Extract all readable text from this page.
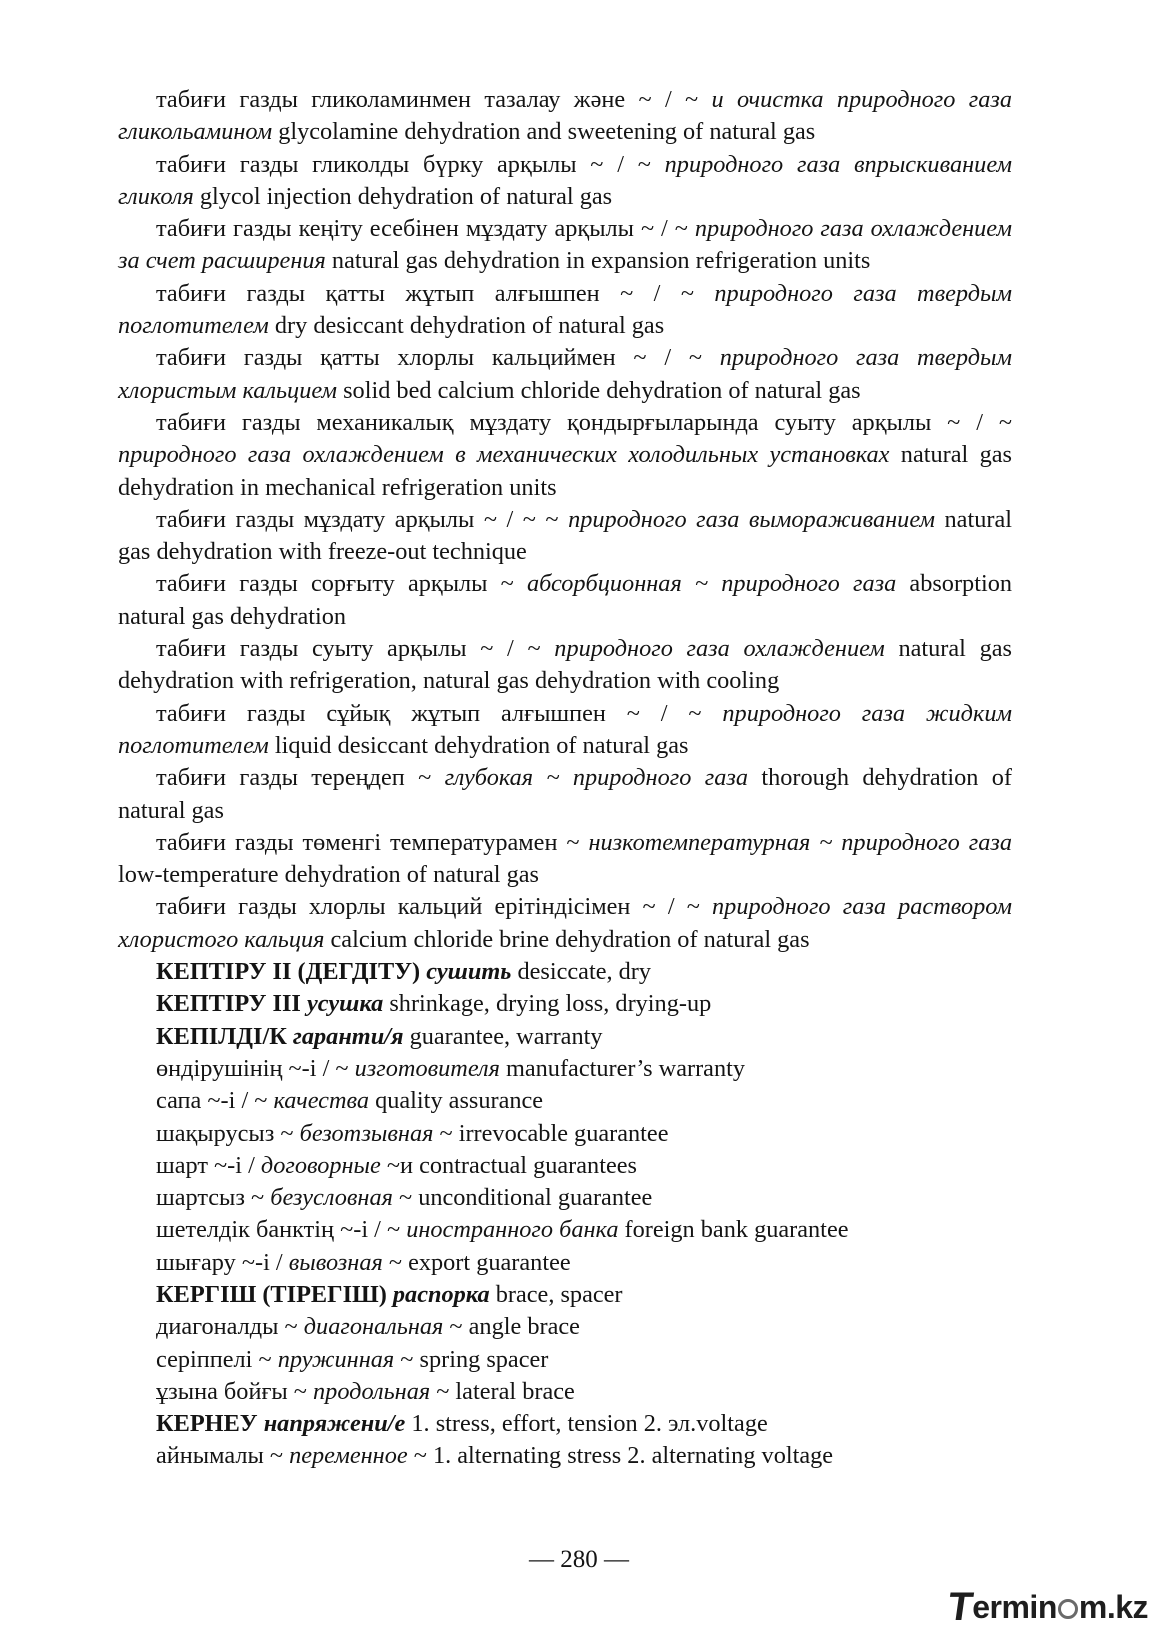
табиғи газды гликоламинмен тазалау және ~ / ~ и очистка природного газа гликольамином glycolamine dehydration and sweetening of natural gas

табиғи газды гликолды бүрку арқылы ~ / ~ природного газа впрыскиванием гликоля glycol injection dehydration of natural gas

табиғи газды кеңіту есебінен мұздату арқылы ~ / ~ природного газа охлаждением за счет расширения natural gas dehydration in expansion refrigeration units

табиғи газды қатты жұтып алғышпен ~ / ~ природного газа твердым поглотителем dry desiccant dehydration of natural gas

табиғи газды қатты хлорлы кальциймен ~ / ~ природного газа твердым хлористым кальцием solid bed calcium chloride dehydration of natural gas

табиғи газды механикалық мұздату қондырғыларында суыту арқылы ~ / ~ природного газа охлаждением в механических холодильных установках natural gas dehydration in mechanical refrigeration units

табиғи газды мұздату арқылы ~ / ~ ~ природного газа вымораживанием natural gas dehydration with freeze-out technique

табиғи газды сорғыту арқылы ~ абсорбционная ~ природного газа absorption natural gas dehydration

табиғи газды суыту арқылы ~ / ~ природного газа охлаждением natural gas dehydration with refrigeration, natural gas dehydration with cooling

табиғи газды сұйық жұтып алғышпен ~ / ~ природного газа жидким поглотителем liquid desiccant dehydration of natural gas

табиғи газды тереңдеп ~ глубокая ~ природного газа thorough dehydration of natural gas

табиғи газды төменгі температурамен ~ низкотемпературная ~ природного газа low-temperature dehydration of natural gas

табиғи газды хлорлы кальций ерітіндісімен ~ / ~ природного газа раствором хлористого кальция calcium chloride brine dehydration of natural gas

КЕПТІРУ II (ДЕГДІТУ) сушить desiccate, dry

КЕПТІРУ III усушка shrinkage, drying loss, drying-up

КЕПІЛДІ/К гаранти/я guarantee, warranty

өндірушінің ~-і / ~ изготовителя manufacturer’s warranty

сапа ~-і / ~ качества quality assurance

шақырусыз ~ безотзывная ~ irrevocable guarantee

шарт ~-і / договорные ~и contractual guarantees

шартсыз ~ безусловная ~ unconditional guarantee

шетелдік банктің ~-і / ~ иностранного банка foreign bank guarantee

шығару ~-і / вывозная ~ export guarantee

КЕРГІШ (ТІРЕГІШ) распорка brace, spacer

диагоналды ~ диагональная ~ angle brace

серіппелі ~ пружинная ~ spring spacer

ұзына бойғы ~ продольная ~ lateral brace

КЕРНЕУ напряжени/е 1. stress, effort, tension 2. эл.voltage

айнымалы ~ переменное ~ 1. alternating stress 2. alternating voltage

— 280 —
T
ermin m.kz
